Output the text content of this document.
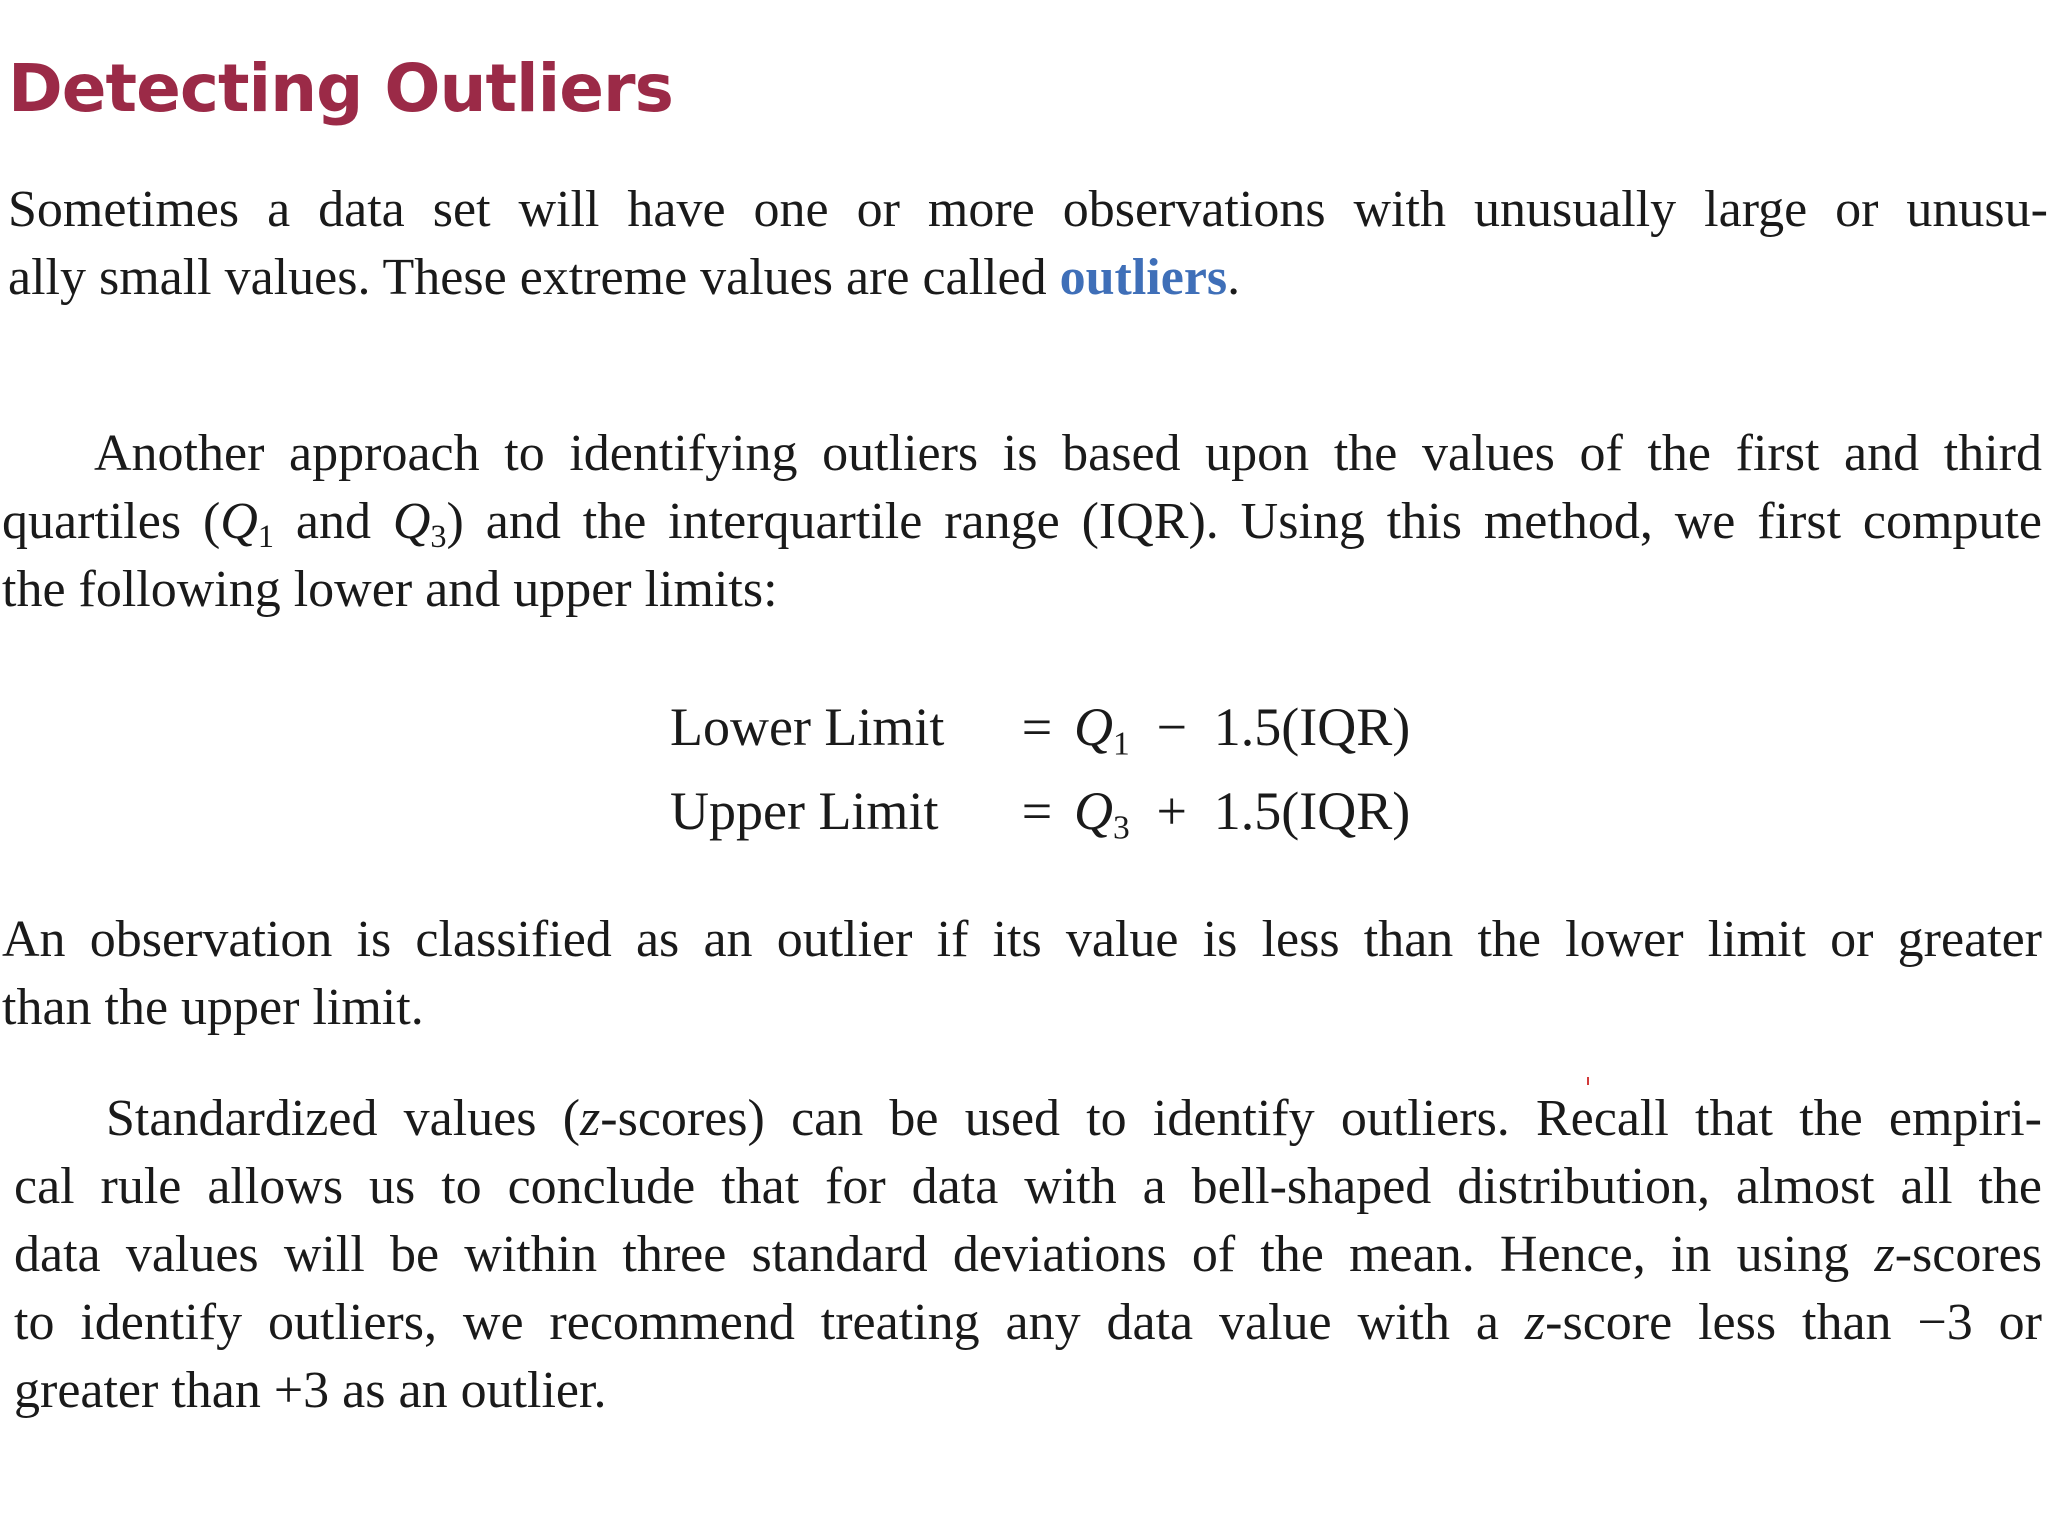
Detecting Outliers

Sometimes a data set will have one or more observations with unusually large or unusu-
ally small values. These extreme values are called outliers.

Another approach to identifying outliers is based upon the values of the first and third
quartiles ($Q_1$ and $Q_3$) and the interquartile range (IQR). Using this method, we first compute
the following lower and upper limits:

Lower Limit = $Q_1 - 1.5(IQR)$
Upper Limit = $Q_3 + 1.5(IQR)$

An observation is classified as an outlier if its value is less than the lower limit or greater
than the upper limit.

Standardized values (z-scores) can be used to identify outliers. Recall that the empiri-
cal rule allows us to conclude that for data with a bell-shaped distribution, almost all the
data values will be within three standard deviations of the mean. Hence, in using z-scores
to identify outliers, we recommend treating any data value with a z-score less than −3 or
greater than +3 as an outlier.
